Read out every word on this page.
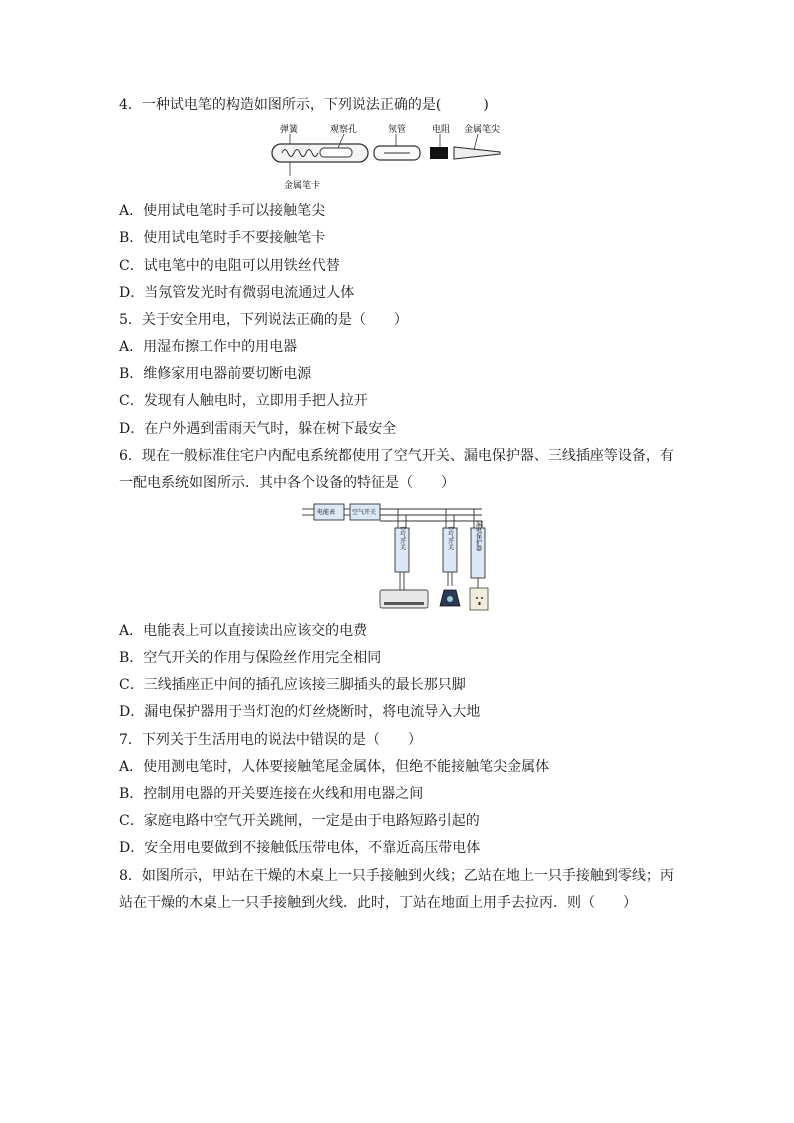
4．一种试电笔的构造如图所示，下列说法正确的是(　　　)
弹簧	观察孔	氖管	电阻 金属笔尖
金属笔卡
A．使用试电笔时手可以接触笔尖
B．使用试电笔时手不要接触笔卡
C．试电笔中的电阻可以用铁丝代替
D．当氖管发光时有微弱电流通过人体
5．关于安全用电，下列说法正确的是（　　）
A．用湿布擦工作中的用电器
B．维修家用电器前要切断电源
C．发现有人触电时，立即用手把人拉开
D．在户外遇到雷雨天气时，躲在树下最安全
6．现在一般标准住宅户内配电系统都使用了空气开关、漏电保护器、三线插座等设备，有
一配电系统如图所示．其中各个设备的特征是（　　）
电能表	空气开关
空气开关	空气开关	漏电保护器
A．电能表上可以直接读出应该交的电费
B．空气开关的作用与保险丝作用完全相同
C．三线插座正中间的插孔应该接三脚插头的最长那只脚
D．漏电保护器用于当灯泡的灯丝烧断时，将电流导入大地
7．下列关于生活用电的说法中错误的是（　　）
A．使用测电笔时，人体要接触笔尾金属体，但绝不能接触笔尖金属体
B．控制用电器的开关要连接在火线和用电器之间
C．家庭电路中空气开关跳闸，一定是由于电路短路引起的
D．安全用电要做到不接触低压带电体，不靠近高压带电体
8．如图所示，甲站在干燥的木桌上一只手接触到火线；乙站在地上一只手接触到零线；丙
站在干燥的木桌上一只手接触到火线．此时，丁站在地面上用手去拉丙．则（　　）
